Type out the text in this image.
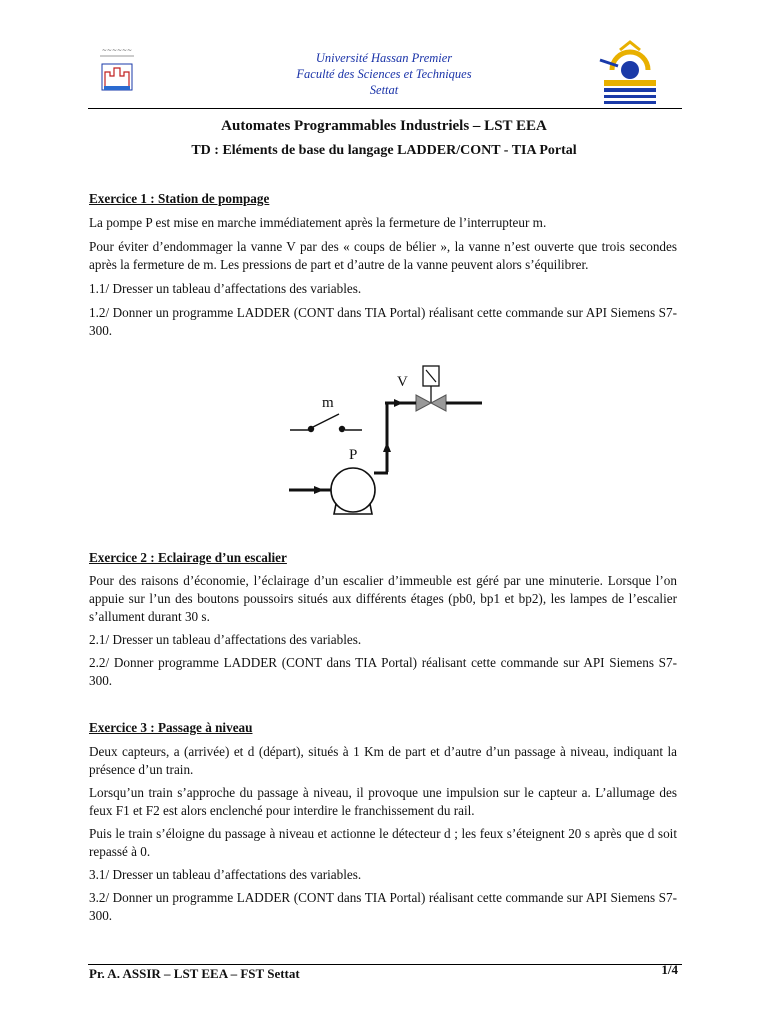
~~~~~~
Université Hassan Premier
Faculté des Sciences et Techniques
Settat
Automates Programmables Industriels – LST EEA
TD : Eléments de base du langage LADDER/CONT - TIA Portal

Exercice 1 : Station de pompage

La pompe P est mise en marche immédiatement après la fermeture de l’interrupteur m.

Pour éviter d’endommager la vanne V par des « coups de bélier », la vanne n’est ouverte que trois secondes après la fermeture de m. Les pressions de part et d’autre de la vanne peuvent alors s’équilibrer.

1.1/ Dresser un tableau d’affectations des variables.

1.2/ Donner un programme LADDER (CONT dans TIA Portal) réalisant cette commande sur API Siemens S7-300.

V
m
P

Exercice 2 : Eclairage d’un escalier

Pour des raisons d’économie, l’éclairage d’un escalier d’immeuble est géré par une minuterie. Lorsque l’on appuie sur l’un des boutons poussoirs situés aux différents étages (pb0, bp1 et bp2), les lampes de l’escalier s’allument durant 30 s.

2.1/ Dresser un tableau d’affectations des variables.

2.2/ Donner programme LADDER (CONT dans TIA Portal) réalisant cette commande sur API Siemens S7-300.

Exercice 3 : Passage à niveau

Deux capteurs, a (arrivée) et d (départ), situés à 1 Km de part et d’autre d’un passage à niveau, indiquant la présence d’un train.

Lorsqu’un train s’approche du passage à niveau, il provoque une impulsion sur le capteur a. L’allumage des feux F1 et F2 est alors enclenché pour interdire le franchissement du rail.

Puis le train s’éloigne du passage à niveau et actionne le détecteur d ; les feux s’éteignent 20 s après que d soit repassé à 0.

3.1/ Dresser un tableau d’affectations des variables.

3.2/ Donner un programme LADDER (CONT dans TIA Portal) réalisant cette commande sur API Siemens S7-300.

Pr. A. ASSIR – LST EEA – FST Settat	1/4
